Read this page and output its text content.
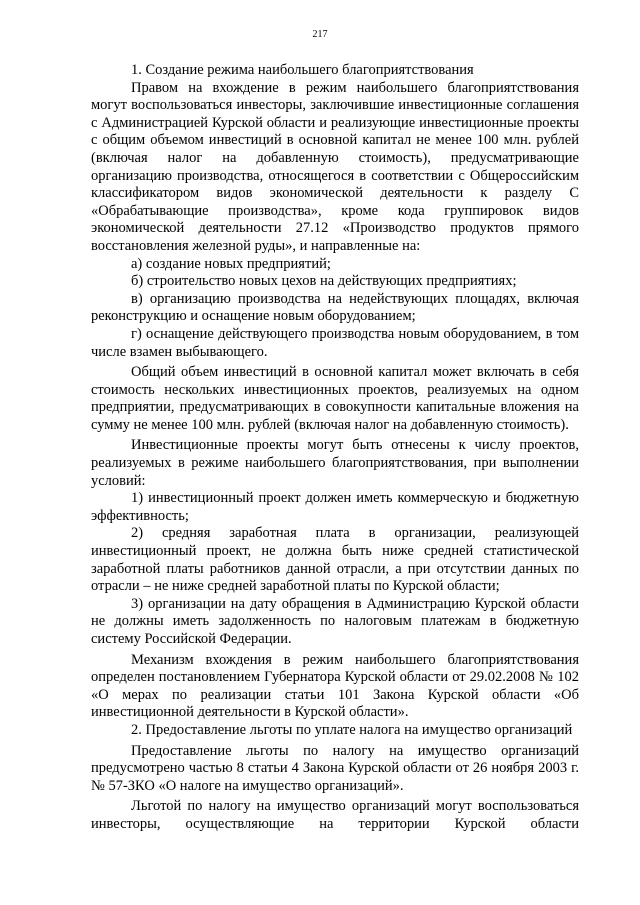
217

1. Создание режима наибольшего благоприятствования

Правом на вхождение в режим наибольшего благоприятствования могут воспользоваться инвесторы, заключившие инвестиционные соглашения с Администрацией Курской области и реализующие инвестиционные проекты с общим объемом инвестиций в основной капитал не менее 100 млн. рублей (включая налог на добавленную стоимость), предусматривающие организацию производства, относящегося в соответствии с Общероссийским классификатором видов экономической деятельности к разделу С «Обрабатывающие производства», кроме кода группировок видов экономической деятельности 27.12 «Производство продуктов прямого восстановления железной руды», и направленные на:

а) создание новых предприятий;

б) строительство новых цехов на действующих предприятиях;

в) организацию производства на недействующих площадях, включая реконструкцию и оснащение новым оборудованием;

г) оснащение действующего производства новым оборудованием, в том числе взамен выбывающего.

Общий объем инвестиций в основной капитал может включать в себя стоимость нескольких инвестиционных проектов, реализуемых на одном предприятии, предусматривающих в совокупности капитальные вложения на сумму не менее 100 млн. рублей (включая налог на добавленную стоимость).

Инвестиционные проекты могут быть отнесены к числу проектов, реализуемых в режиме наибольшего благоприятствования, при выполнении условий:

1) инвестиционный проект должен иметь коммерческую и бюджетную эффективность;

2) средняя заработная плата в организации, реализующей инвестиционный проект, не должна быть ниже средней статистической заработной платы работников данной отрасли, а при отсутствии данных по отрасли – не ниже средней заработной платы по Курской области;

3) организации на дату обращения в Администрацию Курской области не должны иметь задолженность по налоговым платежам в бюджетную систему Российской Федерации.

Механизм вхождения в режим наибольшего благоприятствования определен постановлением Губернатора Курской области от 29.02.2008 № 102 «О мерах по реализации статьи 101 Закона Курской области «Об инвестиционной деятельности в Курской области».

2. Предоставление льготы по уплате налога на имущество организаций

Предоставление льготы по налогу на имущество организаций предусмотрено частью 8 статьи 4 Закона Курской области от 26 ноября 2003 г. № 57-ЗКО «О налоге на имущество организаций».

Льготой по налогу на имущество организаций могут воспользоваться инвесторы, осуществляющие на территории Курской области
